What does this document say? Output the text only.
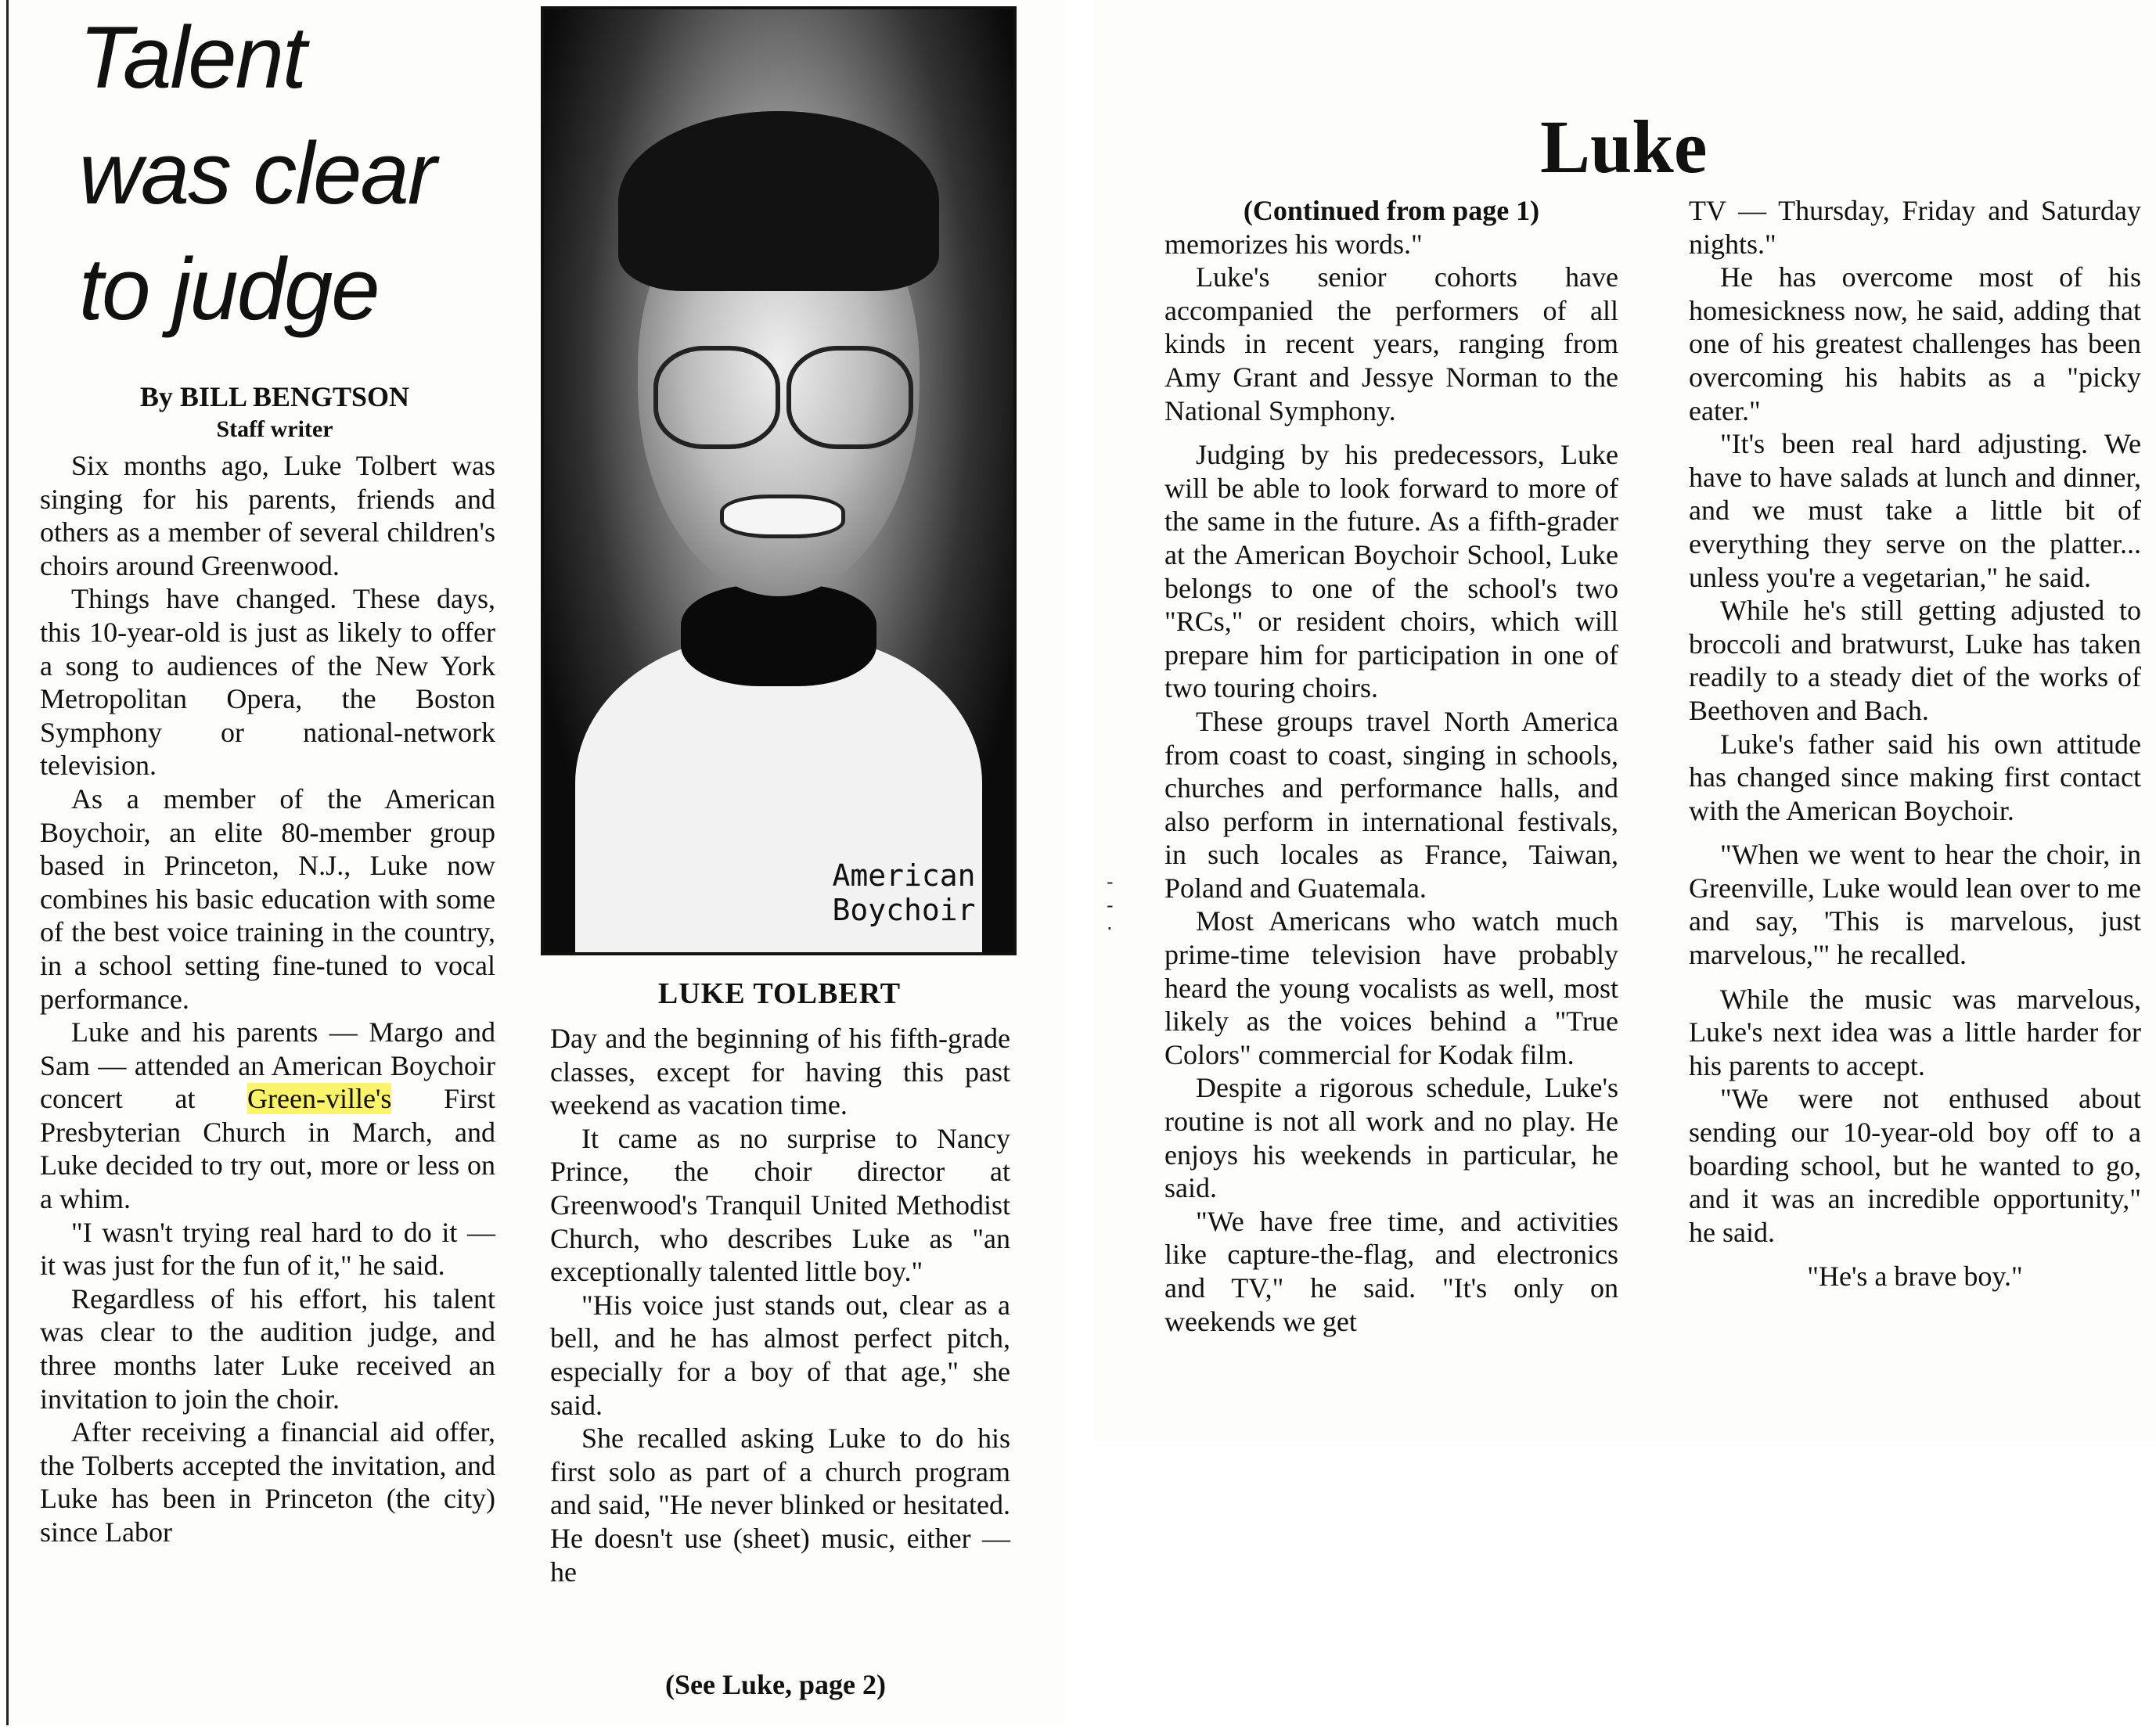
Talent
was clear
to judge
By BILL BENGTSON
Staff writer

Six months ago, Luke Tolbert was singing for his parents, friends and others as a member of several children's choirs around Greenwood.

Things have changed. These days, this 10-year-old is just as likely to offer a song to audiences of the New York Metropolitan Opera, the Boston Symphony or national-network television.

As a member of the American Boychoir, an elite 80-member group based in Princeton, N.J., Luke now combines his basic education with some of the best voice training in the country, in a school setting fine-tuned to vocal performance.

Luke and his parents — Margo and Sam — attended an American Boychoir concert at Green-ville's First Presbyterian Church in March, and Luke decided to try out, more or less on a whim.

"I wasn't trying real hard to do it — it was just for the fun of it," he said.

Regardless of his effort, his talent was clear to the audition judge, and three months later Luke received an invitation to join the choir.

After receiving a financial aid offer, the Tolberts accepted the invitation, and Luke has been in Princeton (the city) since Labor

American
Boychoir
LUKE TOLBERT

Day and the beginning of his fifth-grade classes, except for having this past weekend as vacation time.

It came as no surprise to Nancy Prince, the choir director at Greenwood's Tranquil United Methodist Church, who describes Luke as "an exceptionally talented little boy."

"His voice just stands out, clear as a bell, and he has almost perfect pitch, especially for a boy of that age," she said.

She recalled asking Luke to do his first solo as part of a church program and said, "He never blinked or hesitated. He doesn't use (sheet) music, either — he

(See Luke, page 2)
Luke
-
-
·

(Continued from page 1)

memorizes his words."

Luke's senior cohorts have accompanied the performers of all kinds in recent years, ranging from Amy Grant and Jessye Norman to the National Symphony.

Judging by his predecessors, Luke will be able to look forward to more of the same in the future. As a fifth-grader at the American Boychoir School, Luke belongs to one of the school's two "RCs," or resident choirs, which will prepare him for participation in one of two touring choirs.

These groups travel North America from coast to coast, singing in schools, churches and performance halls, and also perform in international festivals, in such locales as France, Taiwan, Poland and Guatemala.

Most Americans who watch much prime-time television have probably heard the young vocalists as well, most likely as the voices behind a "True Colors" commercial for Kodak film.

Despite a rigorous schedule, Luke's routine is not all work and no play. He enjoys his weekends in particular, he said.

"We have free time, and activities like capture-the-flag, and electronics and TV," he said. "It's only on weekends we get

TV — Thursday, Friday and Saturday nights."

He has overcome most of his homesickness now, he said, adding that one of his greatest challenges has been overcoming his habits as a "picky eater."

"It's been real hard adjusting. We have to have salads at lunch and dinner, and we must take a little bit of everything they serve on the platter... unless you're a vegetarian," he said.

While he's still getting adjusted to broccoli and bratwurst, Luke has taken readily to a steady diet of the works of Beethoven and Bach.

Luke's father said his own attitude has changed since making first contact with the American Boychoir.

"When we went to hear the choir, in Greenville, Luke would lean over to me and say, 'This is marvelous, just marvelous,'" he recalled.

While the music was marvelous, Luke's next idea was a little harder for his parents to accept.

"We were not enthused about sending our 10-year-old boy off to a boarding school, but he wanted to go, and it was an incredible opportunity," he said.

"He's a brave boy."
